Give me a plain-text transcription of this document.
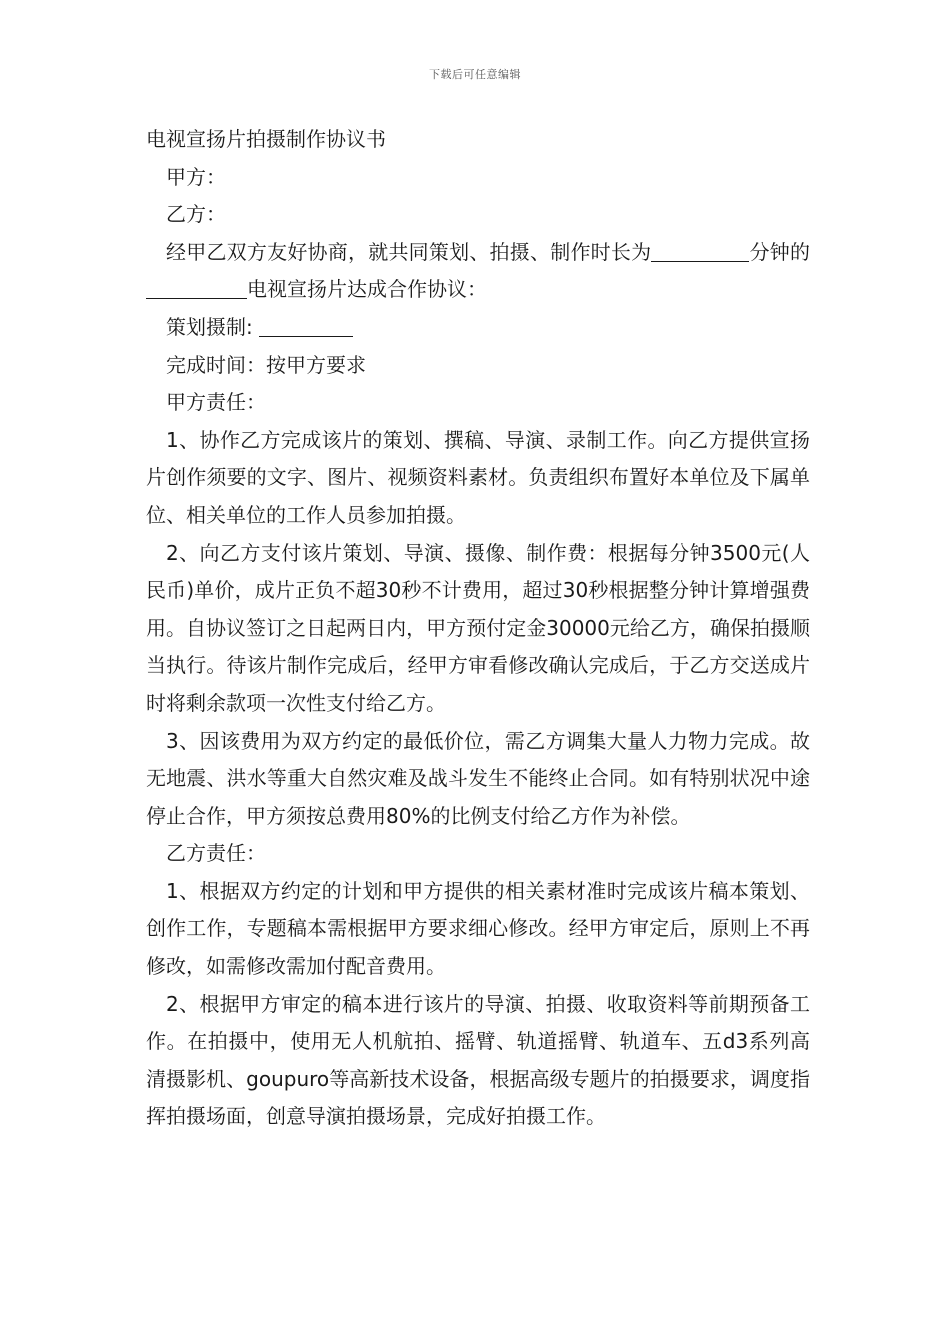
下载后可任意编辑
电视宣扬片拍摄制作协议书

甲方：

乙方：

经甲乙双方友好协商，就共同策划、拍摄、制作时长为	分钟的电视宣扬片达成合作协议：

策划摄制:

完成时间：按甲方要求

甲方责任：

1、协作乙方完成该片的策划、撰稿、导演、录制工作。向乙方提供宣扬片创作须要的文字、图片、视频资料素材。负责组织布置好本单位及下属单位、相关单位的工作人员参加拍摄。

2、向乙方支付该片策划、导演、摄像、制作费：根据每分钟3500元(人民币)单价，成片正负不超30秒不计费用，超过30秒根据整分钟计算增强费用。自协议签订之日起两日内，甲方预付定金30000元给乙方，确保拍摄顺当执行。待该片制作完成后，经甲方审看修改确认完成后，于乙方交送成片时将剩余款项一次性支付给乙方。

3、因该费用为双方约定的最低价位，需乙方调集大量人力物力完成。故无地震、洪水等重大自然灾难及战斗发生不能终止合同。如有特别状况中途停止合作，甲方须按总费用80%的比例支付给乙方作为补偿。

乙方责任：

1、根据双方约定的计划和甲方提供的相关素材准时完成该片稿本策划、创作工作，专题稿本需根据甲方要求细心修改。经甲方审定后，原则上不再修改，如需修改需加付配音费用。

2、根据甲方审定的稿本进行该片的导演、拍摄、收取资料等前期预备工作。在拍摄中，使用无人机航拍、摇臂、轨道摇臂、轨道车、五d3系列高清摄影机、goupuro等高新技术设备，根据高级专题片的拍摄要求，调度指挥拍摄场面，创意导演拍摄场景，完成好拍摄工作。
